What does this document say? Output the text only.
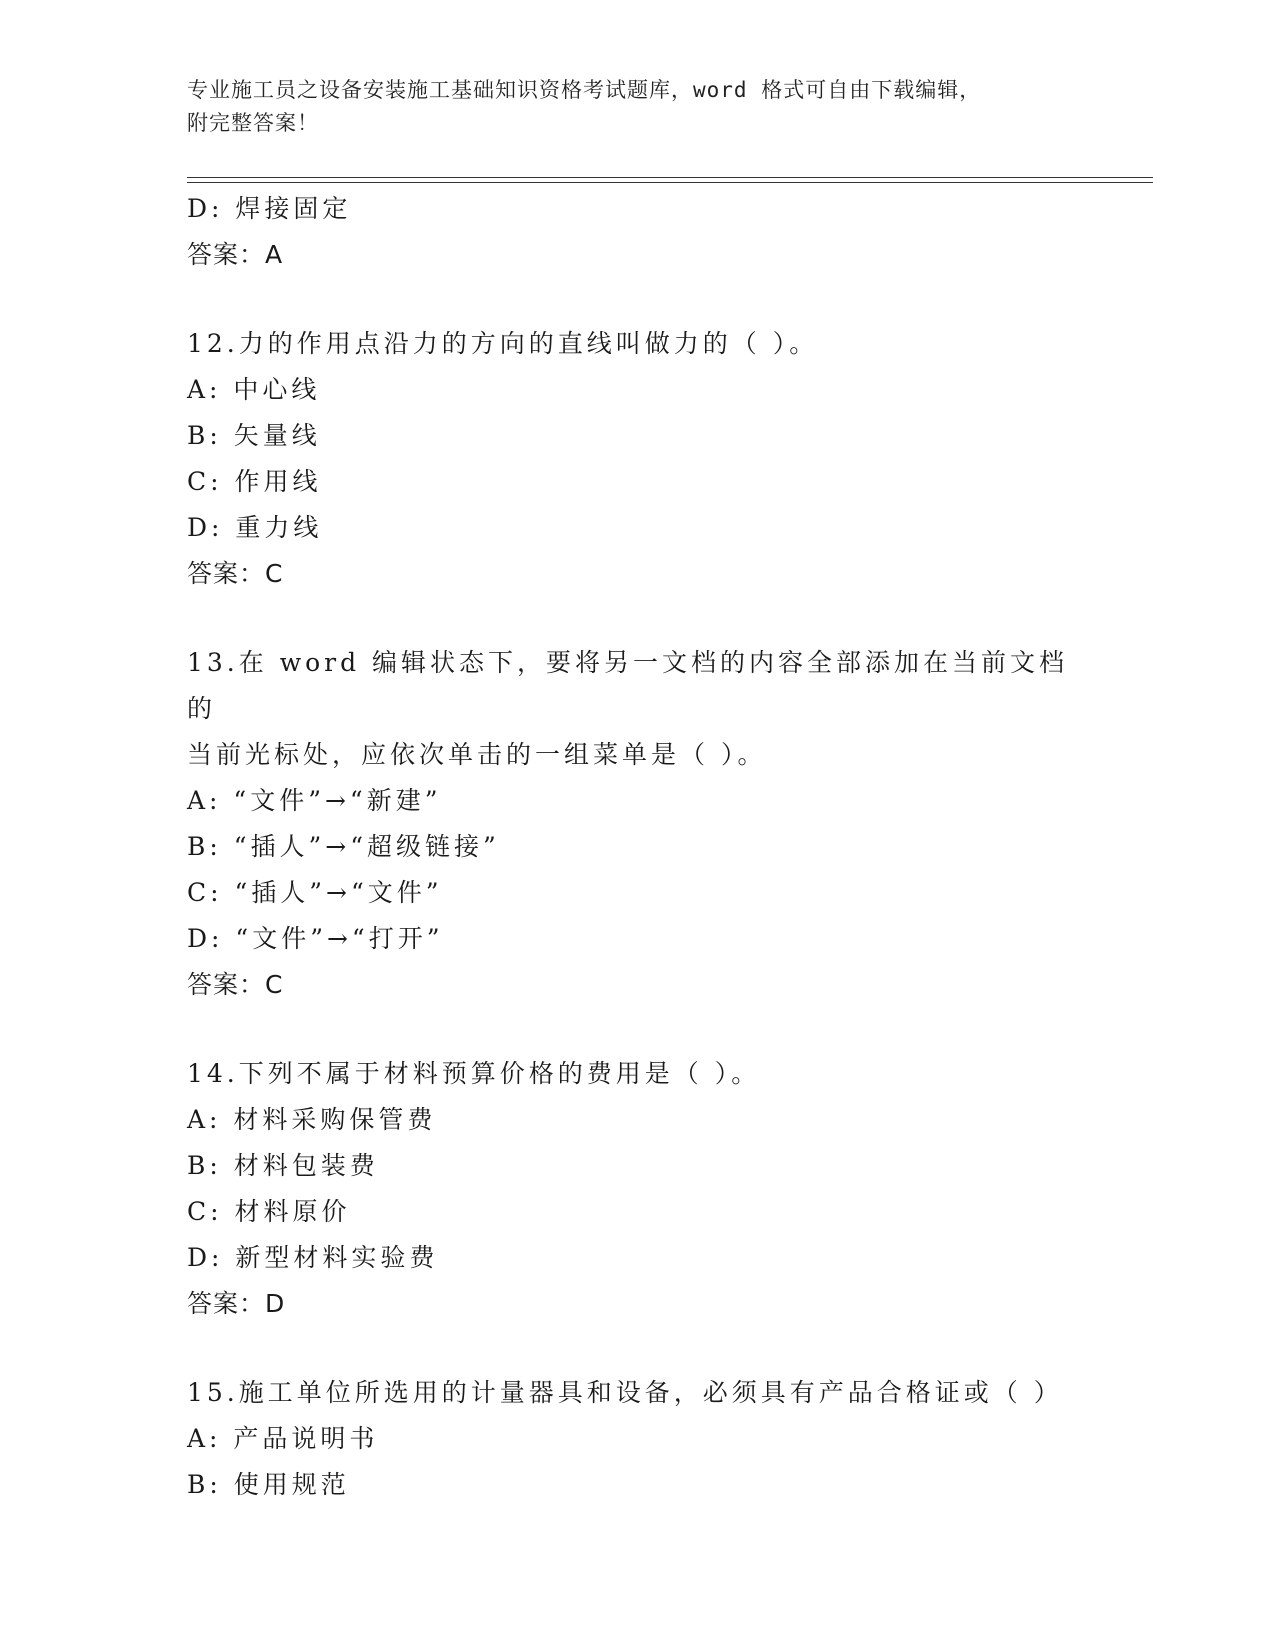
专业施工员之设备安装施工基础知识资格考试题库，word 格式可自由下载编辑，
附完整答案！
D: 焊接固定
答案：A
12.力的作用点沿力的方向的直线叫做力的（ ）。
A: 中心线
B: 矢量线
C: 作用线
D: 重力线
答案：C
13.在 word 编辑状态下，要将另一文档的内容全部添加在当前文档的
当前光标处，应依次单击的一组菜单是（ ）。
A: “文件”→“新建”
B: “插人”→“超级链接”
C: “插人”→“文件”
D: “文件”→“打开”
答案：C
14.下列不属于材料预算价格的费用是（ ）。
A: 材料采购保管费
B: 材料包装费
C: 材料原价
D: 新型材料实验费
答案：D
15.施工单位所选用的计量器具和设备，必须具有产品合格证或（ ）
A: 产品说明书
B: 使用规范
